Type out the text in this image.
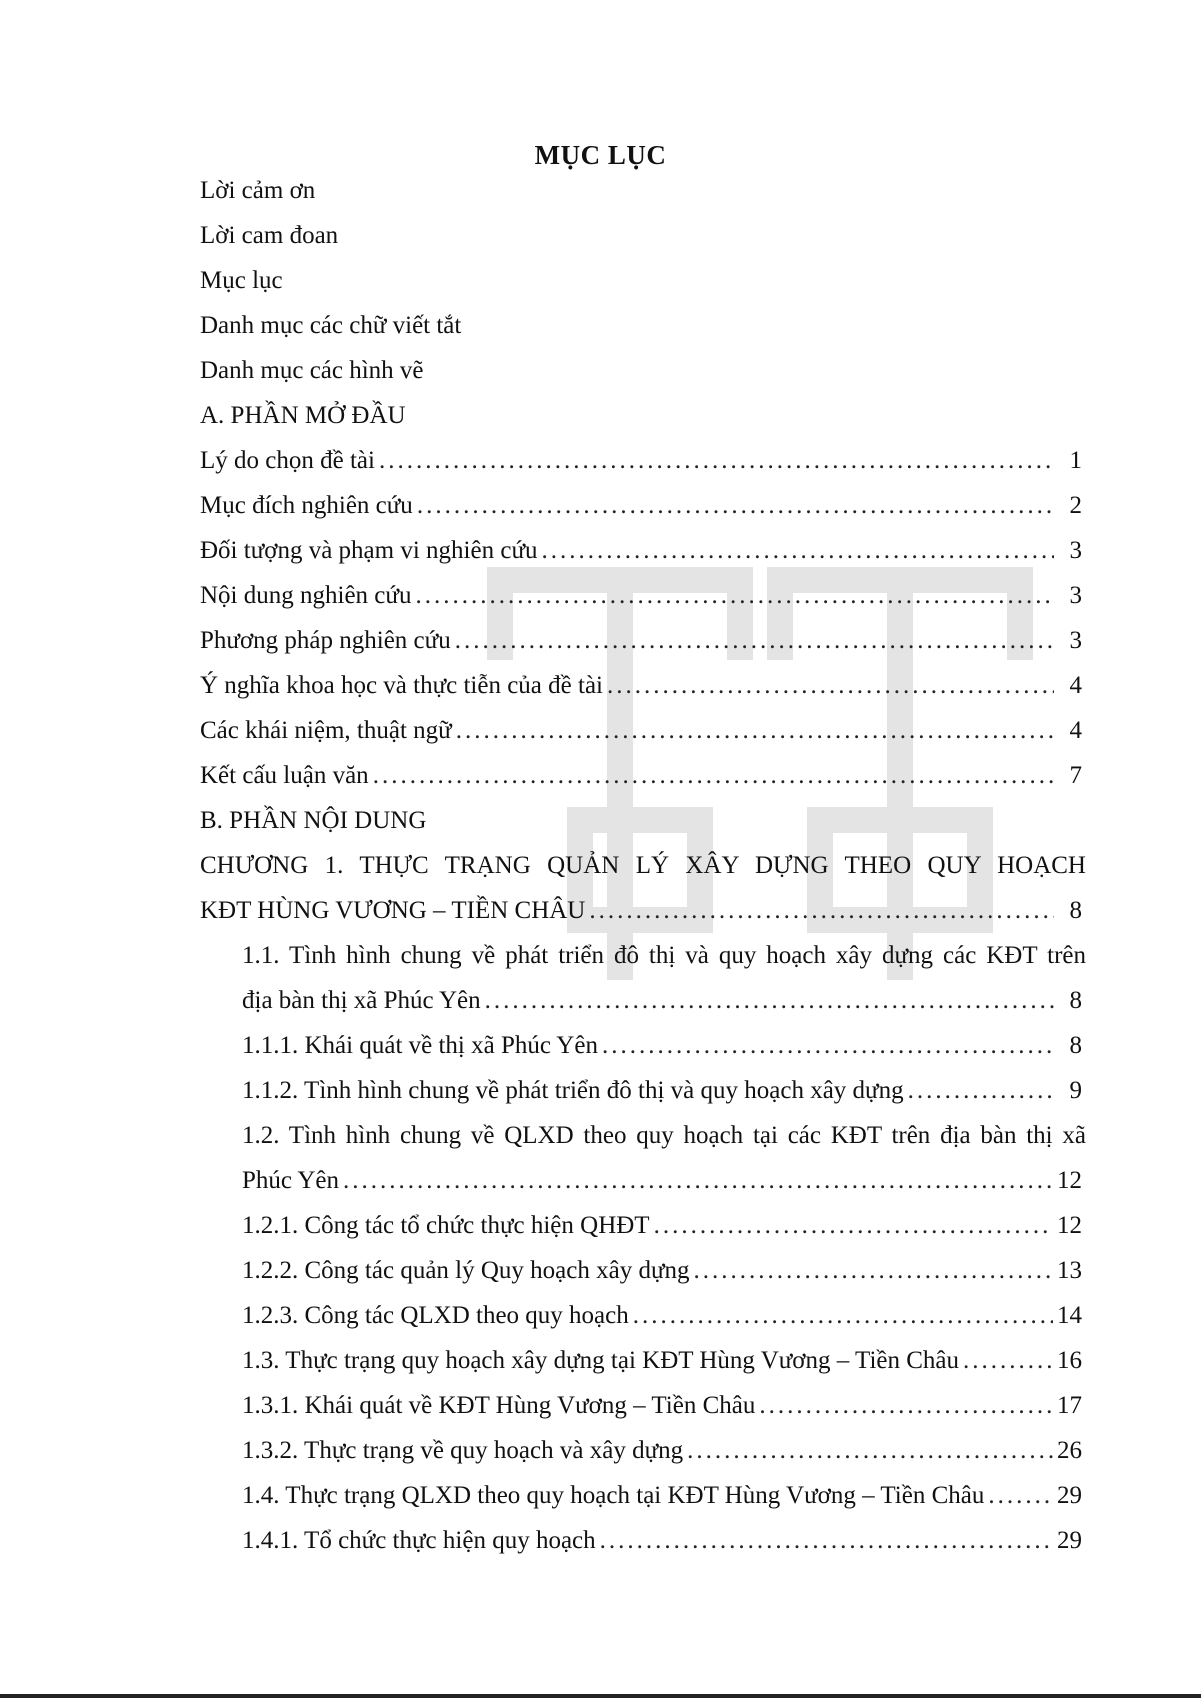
MỤC LỤC
Lời cảm ơn
Lời cam đoan
Mục lục
Danh mục các chữ viết tắt
Danh mục các hình vẽ
A. PHẦN MỞ ĐẦU
Lý do chọn đề tài .....	1
Mục đích nghiên cứu .....	2
Đối tượng và phạm vi nghiên cứu .....	3
Nội dung nghiên cứu .....	3
Phương pháp nghiên cứu .....	3
Ý nghĩa khoa học và thực tiễn của đề tài .....	4
Các khái niệm, thuật ngữ .....	4
Kết cấu luận văn .....	7
B. PHẦN NỘI DUNG
CHƯƠNG 1. THỰC TRẠNG QUẢN LÝ XÂY DỰNG THEO QUY HOẠCH
KĐT HÙNG VƯƠNG – TIỀN CHÂU .....	8
1.1. Tình hình chung về phát triển đô thị và quy hoạch xây dựng các KĐT trên
địa bàn thị xã Phúc Yên .....	8
1.1.1. Khái quát về thị xã Phúc Yên .....	8
1.1.2. Tình hình chung về phát triển đô thị và quy hoạch xây dựng .....	9
1.2. Tình hình chung về QLXD theo quy hoạch tại các KĐT trên địa bàn thị xã
Phúc Yên .....	12
1.2.1. Công tác tổ chức thực hiện QHĐT .....	12
1.2.2. Công tác quản lý Quy hoạch xây dựng .....	13
1.2.3. Công tác QLXD theo quy hoạch .....	14
1.3. Thực trạng quy hoạch xây dựng tại KĐT Hùng Vương – Tiền Châu .....	16
1.3.1. Khái quát về KĐT Hùng Vương – Tiền Châu .....	17
1.3.2. Thực trạng về quy hoạch và xây dựng .....	26
1.4. Thực trạng QLXD theo quy hoạch tại KĐT Hùng Vương – Tiền Châu .....	29
1.4.1. Tổ chức thực hiện quy hoạch .....	29
